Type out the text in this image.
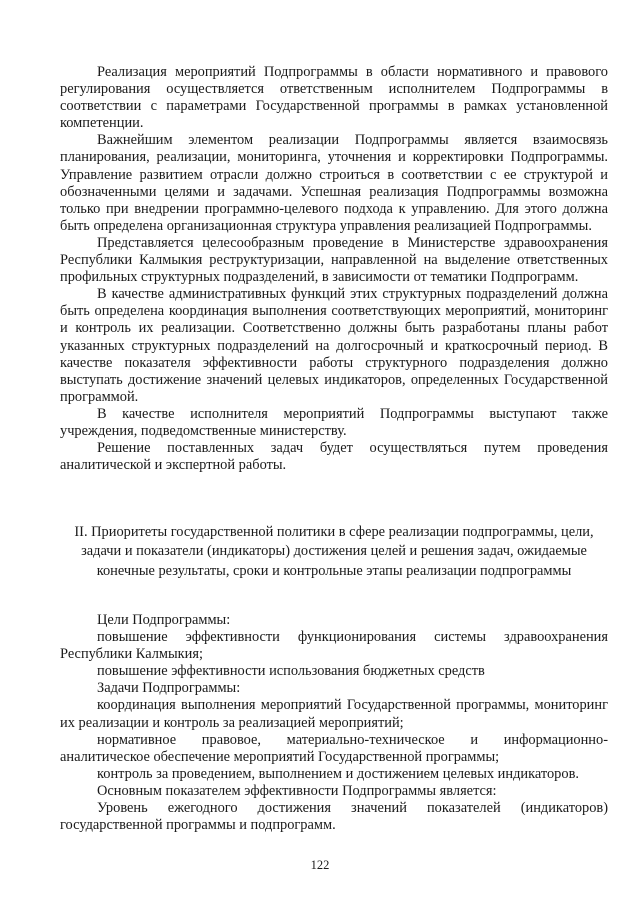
Реализация мероприятий Подпрограммы в области нормативного и правового регулирования осуществляется ответственным исполнителем Подпрограммы в соответствии с параметрами Государственной программы в рамках установленной компетенции.

Важнейшим элементом реализации Подпрограммы является взаимосвязь планирования, реализации, мониторинга, уточнения и корректировки Подпрограммы. Управление развитием отрасли должно строиться в соответствии с ее структурой и обозначенными целями и задачами. Успешная реализация Подпрограммы возможна только при внедрении программно-целевого подхода к управлению. Для этого должна быть определена организационная структура управления реализацией Подпрограммы.

Представляется целесообразным проведение в Министерстве здравоохранения Республики Калмыкия реструктуризации, направленной на выделение ответственных профильных структурных подразделений, в зависимости от тематики Подпрограмм.

В качестве административных функций этих структурных подразделений должна быть определена координация выполнения соответствующих мероприятий, мониторинг и контроль их реализации. Соответственно должны быть разработаны планы работ указанных структурных подразделений на долгосрочный и краткосрочный период. В качестве показателя эффективности работы структурного подразделения должно выступать достижение значений целевых индикаторов, определенных Государственной программой.

В качестве исполнителя мероприятий Подпрограммы выступают также учреждения, подведомственные министерству.

Решение поставленных задач будет осуществляться путем проведения аналитической и экспертной работы.

II. Приоритеты государственной политики в сфере реализации подпрограммы, цели, задачи и показатели (индикаторы) достижения целей и решения задач, ожидаемые конечные результаты, сроки и контрольные этапы реализации подпрограммы

Цели Подпрограммы:

повышение эффективности функционирования системы здравоохранения Республики Калмыкия;

повышение эффективности использования бюджетных средств

Задачи Подпрограммы:

координация выполнения мероприятий Государственной программы, мониторинг их реализации и контроль за реализацией мероприятий;

нормативное правовое, материально-техническое и информационно-аналитическое обеспечение мероприятий Государственной программы;

контроль за проведением, выполнением и достижением целевых индикаторов.

Основным показателем эффективности Подпрограммы является:

Уровень ежегодного достижения значений показателей (индикаторов) государственной программы и подпрограмм.

122
